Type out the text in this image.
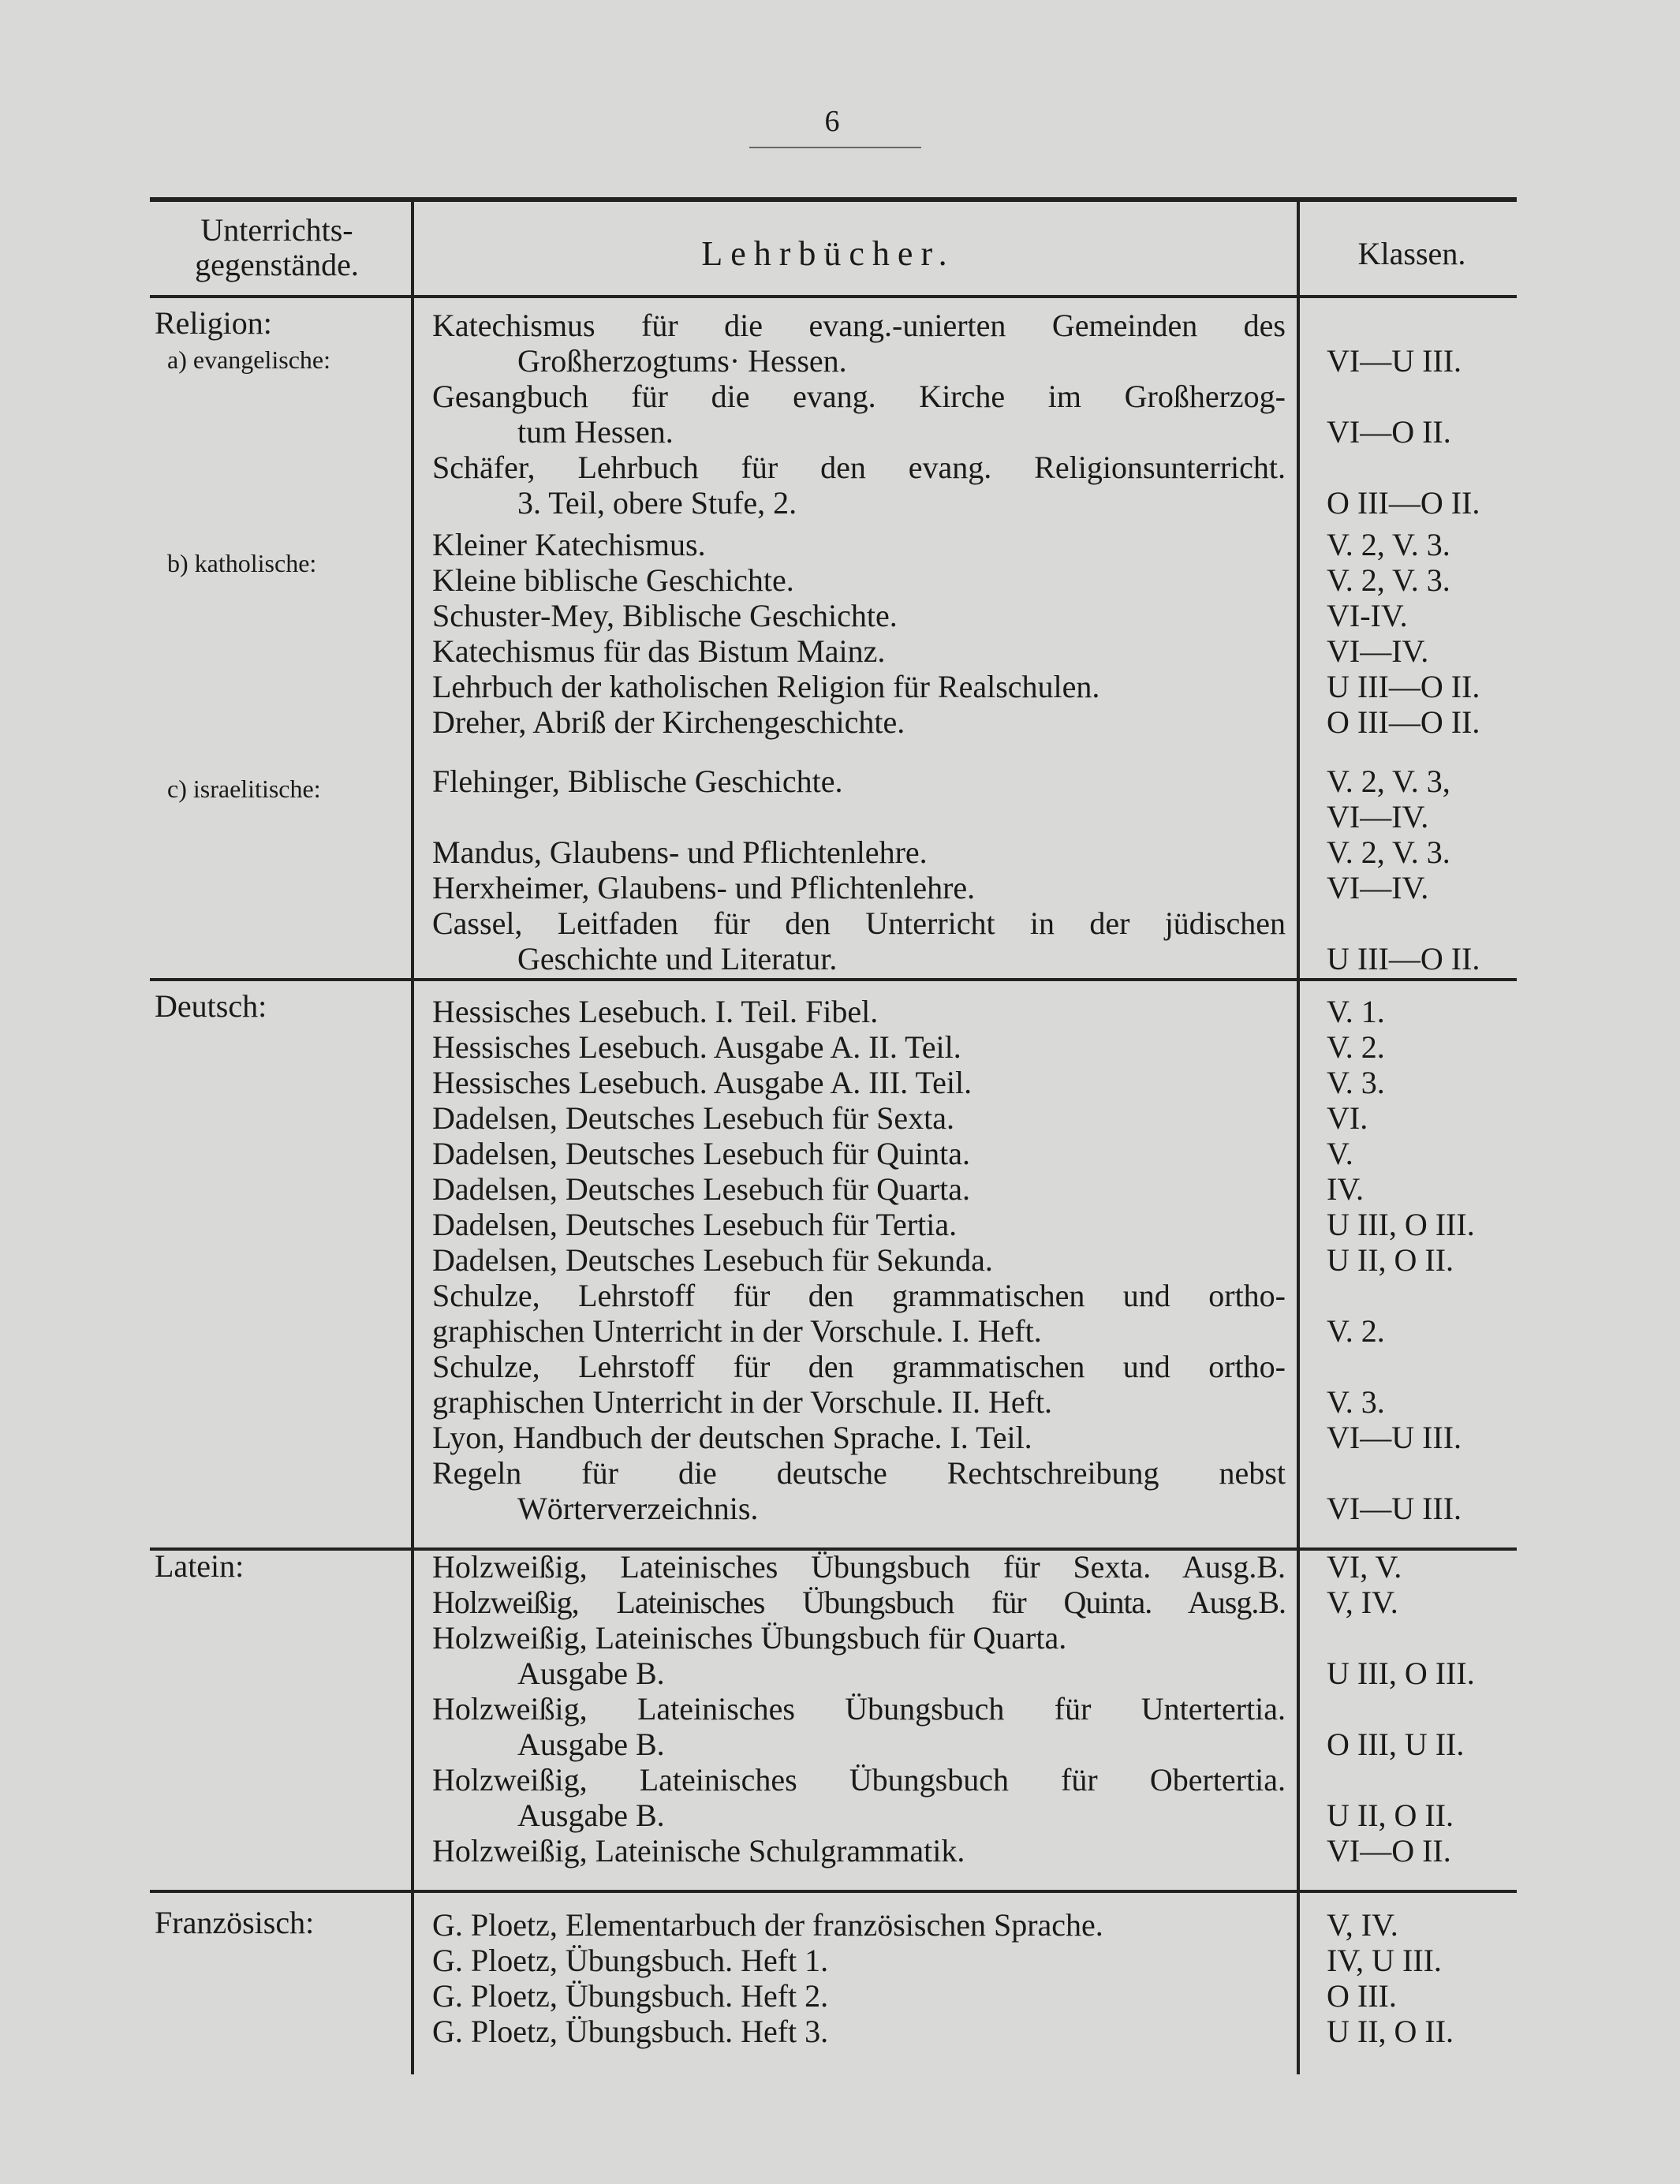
6
Unterrichts-
gegenstände.	Lehrbücher.	Klassen.
Religion:
a) evangelische:
Katechismus für die evang.-unierten Gemeinden des
Großherzogtums· Hessen.	VI—U III.
Gesangbuch für die evang. Kirche im Großherzog-
tum Hessen.	VI—O II.
Schäfer, Lehrbuch für den evang. Religionsunterricht.
3. Teil, obere Stufe, 2.	O III—O II.
b) katholische:
Kleiner Katechismus.	V. 2, V. 3.
Kleine biblische Geschichte.	V. 2, V. 3.
Schuster-Mey, Biblische Geschichte.	VI-IV.
Katechismus für das Bistum Mainz.	VI—IV.
Lehrbuch der katholischen Religion für Realschulen.	U III—O II.
Dreher, Abriß der Kirchengeschichte.	O III—O II.
c) israelitische:	Flehinger, Biblische Geschichte.	V. 2, V. 3,
VI—IV.
Mandus, Glaubens- und Pflichtenlehre.	V. 2, V. 3.
Herxheimer, Glaubens- und Pflichtenlehre.	VI—IV.
Cassel, Leitfaden für den Unterricht in der jüdischen
Geschichte und Literatur.	U III—O II.
Deutsch:	Hessisches Lesebuch. I. Teil. Fibel.	V. 1.
Hessisches Lesebuch. Ausgabe A. II. Teil.	V. 2.
Hessisches Lesebuch. Ausgabe A. III. Teil.	V. 3.
Dadelsen, Deutsches Lesebuch für Sexta.	VI.
Dadelsen, Deutsches Lesebuch für Quinta.	V.
Dadelsen, Deutsches Lesebuch für Quarta.	IV.
Dadelsen, Deutsches Lesebuch für Tertia.	U III, O III.
Dadelsen, Deutsches Lesebuch für Sekunda.	U II, O II.
Schulze, Lehrstoff für den grammatischen und ortho-
graphischen Unterricht in der Vorschule. I. Heft.	V. 2.
Schulze, Lehrstoff für den grammatischen und ortho-
graphischen Unterricht in der Vorschule. II. Heft.	V. 3.
Lyon, Handbuch der deutschen Sprache. I. Teil.	VI—U III.
Regeln für die deutsche Rechtschreibung nebst
Wörterverzeichnis.	VI—U III.
Latein:	Holzweißig, Lateinisches Übungsbuch für Sexta. Ausg.B. VI, V.
Holzweißig, Lateinisches Übungsbuch für Quinta. Ausg.B. V, IV.
Holzweißig, Lateinisches Übungsbuch für Quarta.
Ausgabe B.	U III, O III.
Holzweißig, Lateinisches Übungsbuch für Untertertia.
Ausgabe B.	O III, U II.
Holzweißig, Lateinisches Übungsbuch für Obertertia.
Ausgabe B.	U II, O II.
Holzweißig, Lateinische Schulgrammatik.	VI—O II.
Französisch:	G. Ploetz, Elementarbuch der französischen Sprache.	V, IV.
G. Ploetz, Übungsbuch. Heft 1.	IV, U III.
G. Ploetz, Übungsbuch. Heft 2.	O III.
G. Ploetz, Übungsbuch. Heft 3.	U II, O II.
